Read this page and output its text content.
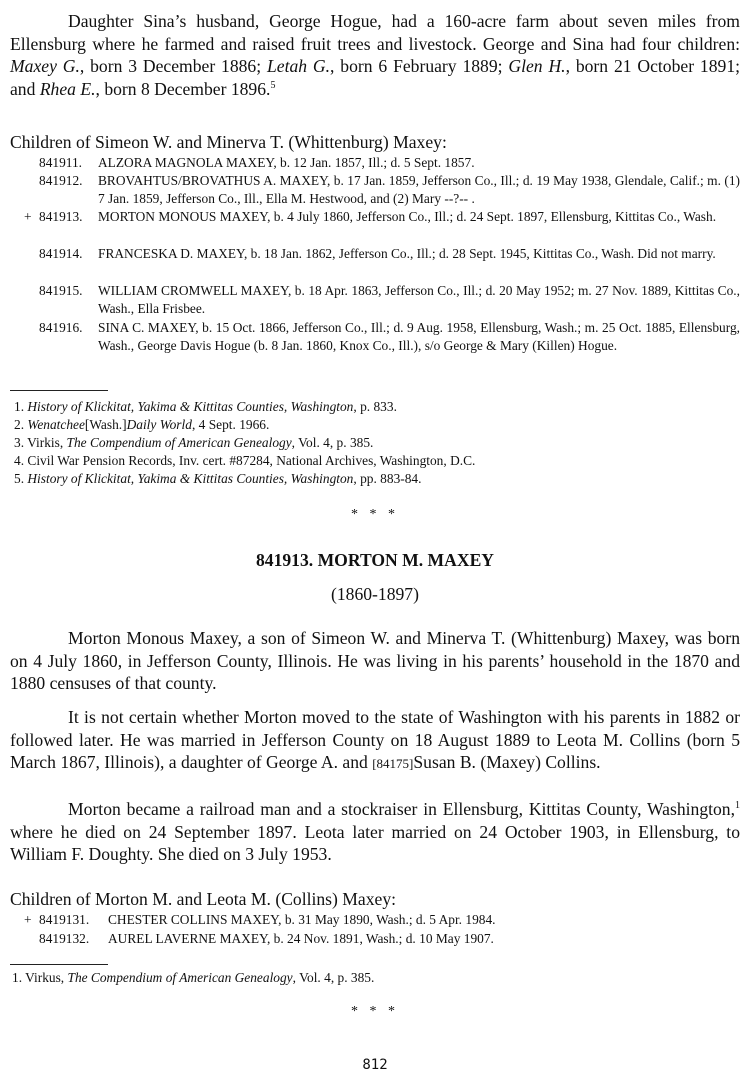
Daughter Sina’s husband, George Hogue, had a 160-acre farm about seven miles from Ellensburg where he farmed and raised fruit trees and livestock. George and Sina had four children: Maxey G., born 3 December 1886; Letah G., born 6 February 1889; Glen H., born 21 October 1891; and Rhea E., born 8 December 1896.$^5$

Children of Simeon W. and Minerva T. (Whittenburg) Maxey:

841911. ALZORA MAGNOLA MAXEY, b. 12 Jan. 1857, Ill.; d. 5 Sept. 1857.
841912. BROVAHTUS/BROVATHUS A. MAXEY, b. 17 Jan. 1859, Jefferson Co., Ill.; d. 19 May 1938, Glendale, Calif.; m. (1) 7 Jan. 1859, Jefferson Co., Ill., Ella M. Hestwood, and (2) Mary --?-- .
+ 841913. MORTON MONOUS MAXEY, b. 4 July 1860, Jefferson Co., Ill.; d. 24 Sept. 1897, Ellensburg, Kittitas Co., Wash.
841914. FRANCESKA D. MAXEY, b. 18 Jan. 1862, Jefferson Co., Ill.; d. 28 Sept. 1945, Kittitas Co., Wash. Did not marry.
841915. WILLIAM CROMWELL MAXEY, b. 18 Apr. 1863, Jefferson Co., Ill.; d. 20 May 1952; m. 27 Nov. 1889, Kittitas Co., Wash., Ella Frisbee.
841916. SINA C. MAXEY, b. 15 Oct. 1866, Jefferson Co., Ill.; d. 9 Aug. 1958, Ellensburg, Wash.; m. 25 Oct. 1885, Ellensburg, Wash., George Davis Hogue (b. 8 Jan. 1860, Knox Co., Ill.), s/o George & Mary (Killen) Hogue.

1. History of Klickitat, Yakima & Kittitas Counties, Washington, p. 833.

2. Wenatchee[Wash.]Daily World, 4 Sept. 1966.

3. Virkis, The Compendium of American Genealogy, Vol. 4, p. 385.

4. Civil War Pension Records, Inv. cert. #87284, National Archives, Washington, D.C.

5. History of Klickitat, Yakima & Kittitas Counties, Washington, pp. 883-84.

* * *

841913. MORTON M. MAXEY

(1860-1897)

Morton Monous Maxey, a son of Simeon W. and Minerva T. (Whittenburg) Maxey, was born on 4 July 1860, in Jefferson County, Illinois. He was living in his parents’ household in the 1870 and 1880 censuses of that county.

It is not certain whether Morton moved to the state of Washington with his parents in 1882 or followed later. He was married in Jefferson County on 18 August 1889 to Leota M. Collins (born 5 March 1867, Illinois), a daughter of George A. and [84175]Susan B. (Maxey) Collins.

Morton became a railroad man and a stockraiser in Ellensburg, Kittitas County, Washington,$^1$ where he died on 24 September 1897. Leota later married on 24 October 1903, in Ellensburg, to William F. Doughty. She died on 3 July 1953.

Children of Morton M. and Leota M. (Collins) Maxey:

+ 8419131. CHESTER COLLINS MAXEY, b. 31 May 1890, Wash.; d. 5 Apr. 1984.
8419132. AUREL LAVERNE MAXEY, b. 24 Nov. 1891, Wash.; d. 10 May 1907.

1. Virkus, The Compendium of American Genealogy, Vol. 4, p. 385.

* * *

812
